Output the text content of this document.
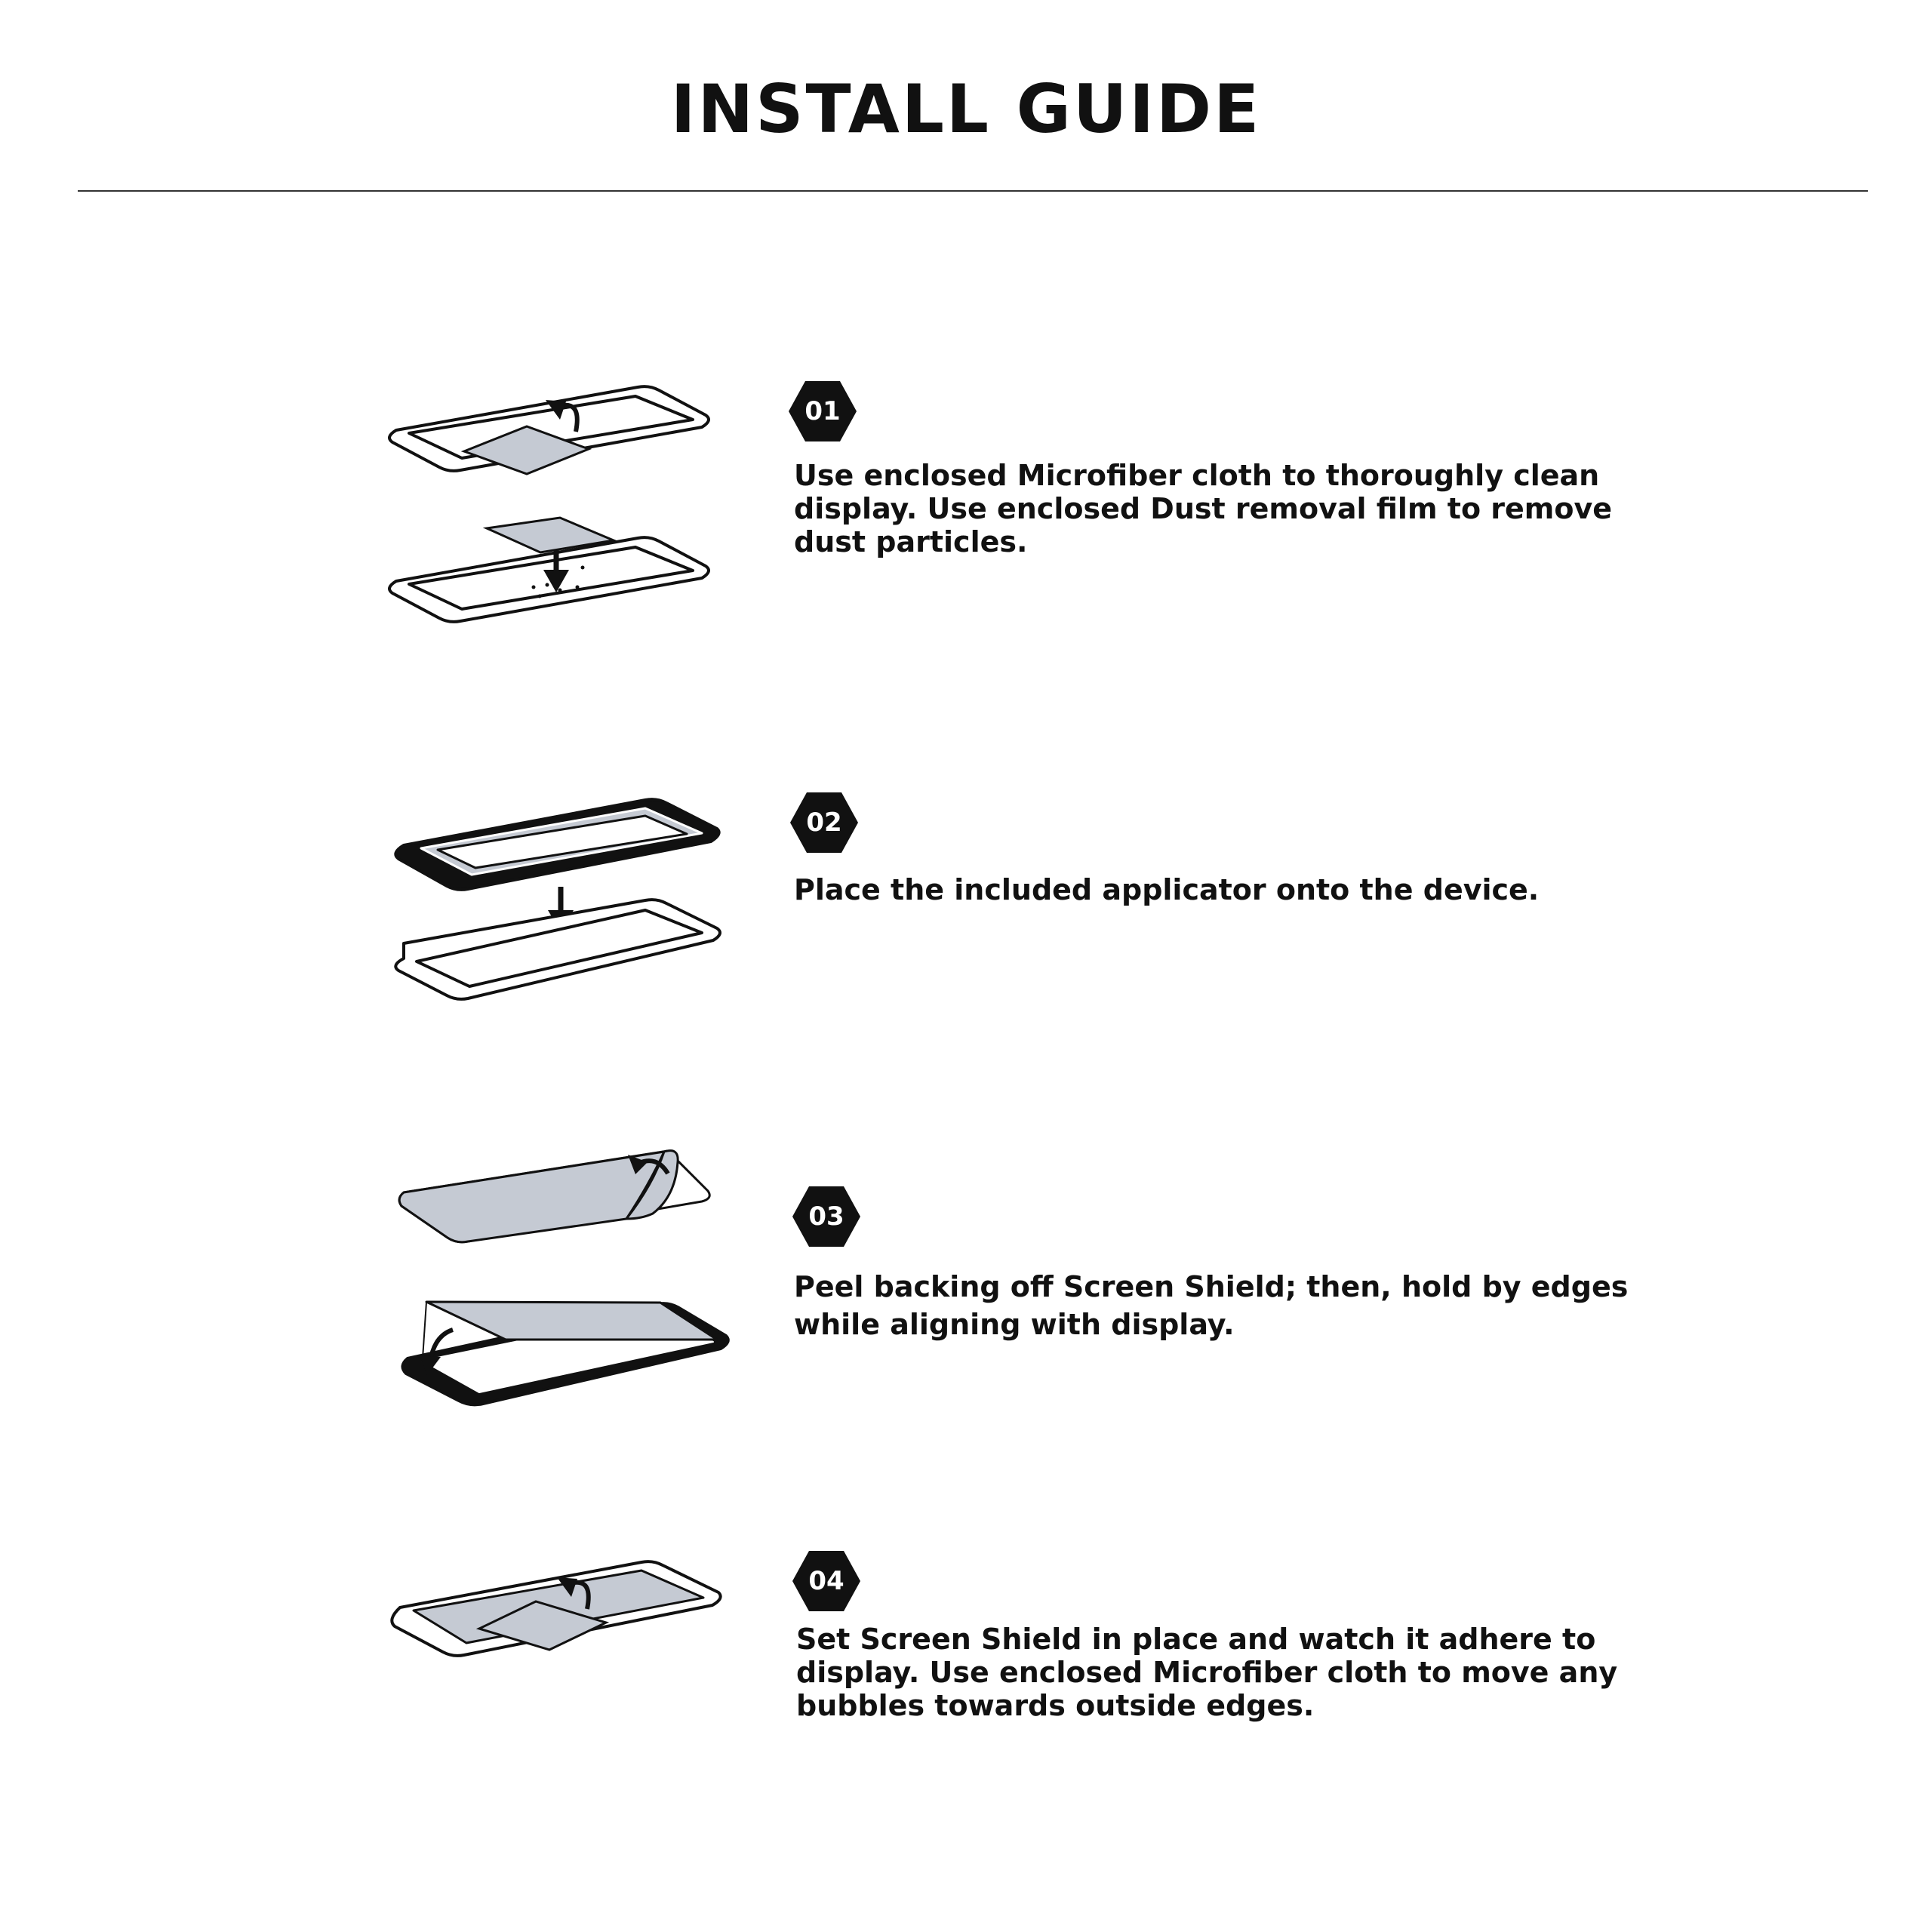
INSTALL GUIDE
01

Use enclosed Microfiber cloth to thoroughly clean display. Use enclosed Dust removal film to remove dust particles.

02

Place the included applicator onto the device.

03

Peel backing off Screen Shield; then, hold by edges while aligning with display.

04

Set Screen Shield in place and watch it adhere to display. Use enclosed Microfiber cloth to move any bubbles towards outside edges.
